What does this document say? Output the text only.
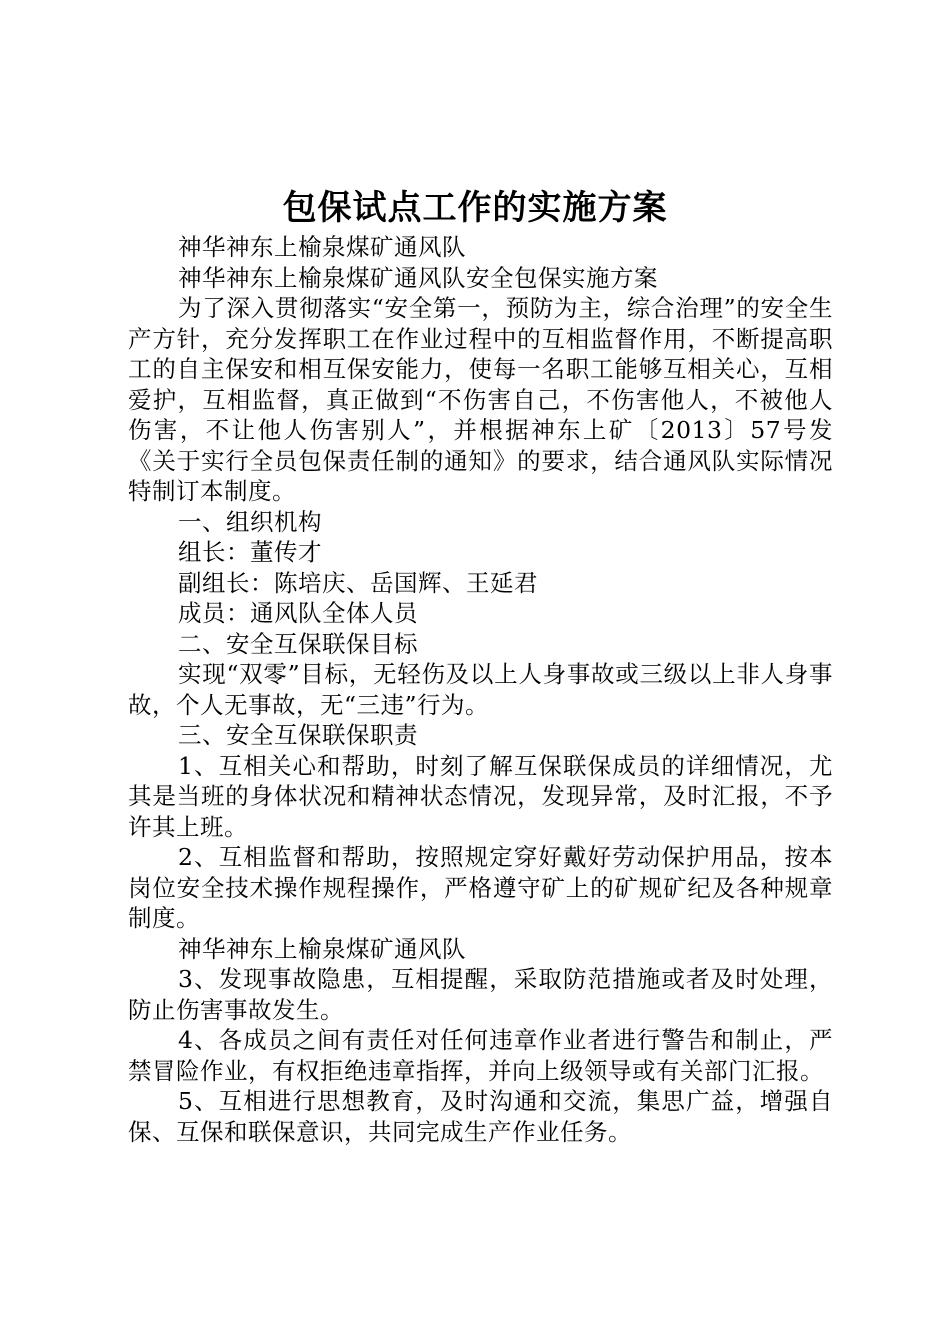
包保试点工作的实施方案

神华神东上榆泉煤矿通风队

神华神东上榆泉煤矿通风队安全包保实施方案

为了深入贯彻落实“安全第一，预防为主，综合治理”的安全生产方针，充分发挥职工在作业过程中的互相监督作用，不断提高职工的自主保安和相互保安能力，使每一名职工能够互相关心，互相爱护，互相监督，真正做到“不伤害自己，不伤害他人，不被他人伤害，不让他人伤害别人”，并根据神东上矿〔2013〕57号发《关于实行全员包保责任制的通知》的要求，结合通风队实际情况特制订本制度。

一、组织机构

组长：董传才

副组长：陈培庆、岳国辉、王延君

成员：通风队全体人员

二、安全互保联保目标

实现“双零”目标，无轻伤及以上人身事故或三级以上非人身事故，个人无事故，无“三违”行为。

三、安全互保联保职责

1、互相关心和帮助，时刻了解互保联保成员的详细情况，尤其是当班的身体状况和精神状态情况，发现异常，及时汇报，不予许其上班。

2、互相监督和帮助，按照规定穿好戴好劳动保护用品，按本岗位安全技术操作规程操作，严格遵守矿上的矿规矿纪及各种规章制度。

神华神东上榆泉煤矿通风队

3、发现事故隐患，互相提醒，采取防范措施或者及时处理，防止伤害事故发生。

4、各成员之间有责任对任何违章作业者进行警告和制止，严禁冒险作业，有权拒绝违章指挥，并向上级领导或有关部门汇报。

5、互相进行思想教育，及时沟通和交流，集思广益，增强自保、互保和联保意识，共同完成生产作业任务。
